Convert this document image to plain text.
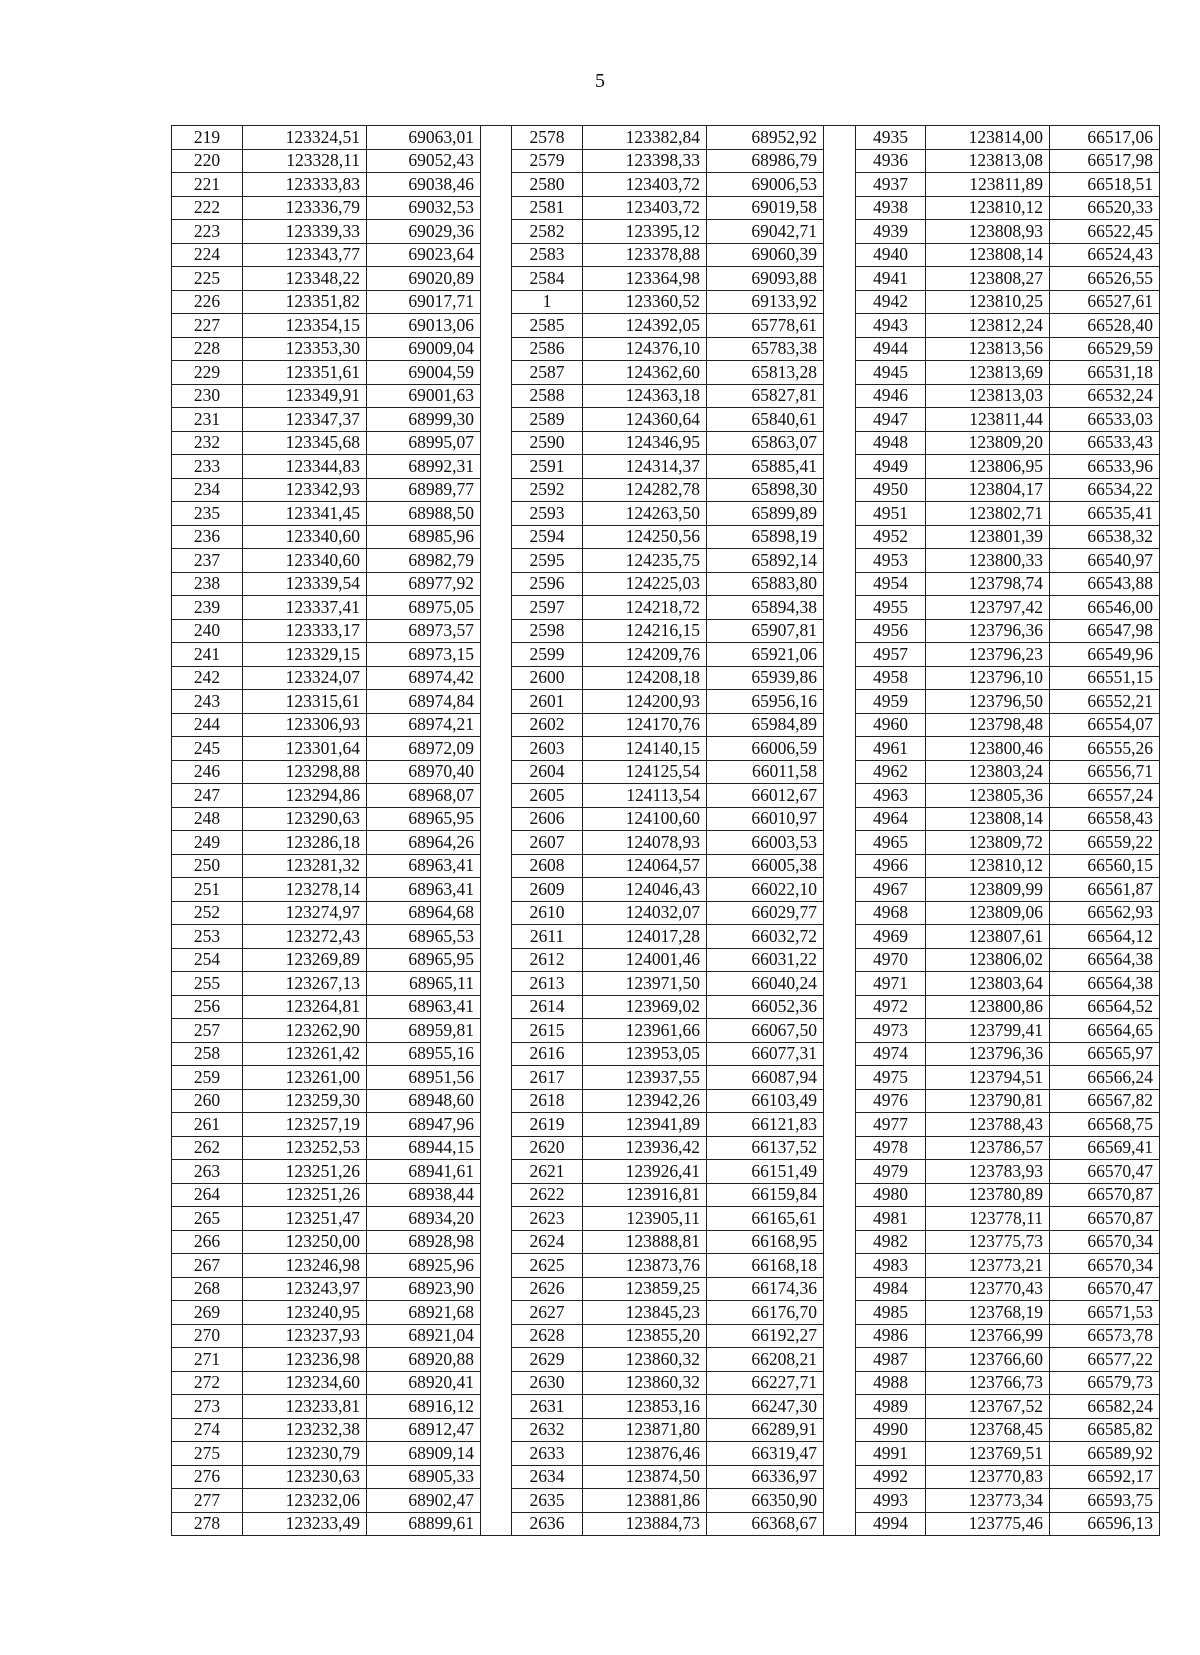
5
219	123324,51	69063,01		2578	123382,84	68952,92		4935	123814,00	66517,06
220	123328,11	69052,43		2579	123398,33	68986,79		4936	123813,08	66517,98
221	123333,83	69038,46		2580	123403,72	69006,53		4937	123811,89	66518,51
222	123336,79	69032,53		2581	123403,72	69019,58		4938	123810,12	66520,33
223	123339,33	69029,36		2582	123395,12	69042,71		4939	123808,93	66522,45
224	123343,77	69023,64		2583	123378,88	69060,39		4940	123808,14	66524,43
225	123348,22	69020,89		2584	123364,98	69093,88		4941	123808,27	66526,55
226	123351,82	69017,71		1	123360,52	69133,92		4942	123810,25	66527,61
227	123354,15	69013,06		2585	124392,05	65778,61		4943	123812,24	66528,40
228	123353,30	69009,04		2586	124376,10	65783,38		4944	123813,56	66529,59
229	123351,61	69004,59		2587	124362,60	65813,28		4945	123813,69	66531,18
230	123349,91	69001,63		2588	124363,18	65827,81		4946	123813,03	66532,24
231	123347,37	68999,30		2589	124360,64	65840,61		4947	123811,44	66533,03
232	123345,68	68995,07		2590	124346,95	65863,07		4948	123809,20	66533,43
233	123344,83	68992,31		2591	124314,37	65885,41		4949	123806,95	66533,96
234	123342,93	68989,77		2592	124282,78	65898,30		4950	123804,17	66534,22
235	123341,45	68988,50		2593	124263,50	65899,89		4951	123802,71	66535,41
236	123340,60	68985,96		2594	124250,56	65898,19		4952	123801,39	66538,32
237	123340,60	68982,79		2595	124235,75	65892,14		4953	123800,33	66540,97
238	123339,54	68977,92		2596	124225,03	65883,80		4954	123798,74	66543,88
239	123337,41	68975,05		2597	124218,72	65894,38		4955	123797,42	66546,00
240	123333,17	68973,57		2598	124216,15	65907,81		4956	123796,36	66547,98
241	123329,15	68973,15		2599	124209,76	65921,06		4957	123796,23	66549,96
242	123324,07	68974,42		2600	124208,18	65939,86		4958	123796,10	66551,15
243	123315,61	68974,84		2601	124200,93	65956,16		4959	123796,50	66552,21
244	123306,93	68974,21		2602	124170,76	65984,89		4960	123798,48	66554,07
245	123301,64	68972,09		2603	124140,15	66006,59		4961	123800,46	66555,26
246	123298,88	68970,40		2604	124125,54	66011,58		4962	123803,24	66556,71
247	123294,86	68968,07		2605	124113,54	66012,67		4963	123805,36	66557,24
248	123290,63	68965,95		2606	124100,60	66010,97		4964	123808,14	66558,43
249	123286,18	68964,26		2607	124078,93	66003,53		4965	123809,72	66559,22
250	123281,32	68963,41		2608	124064,57	66005,38		4966	123810,12	66560,15
251	123278,14	68963,41		2609	124046,43	66022,10		4967	123809,99	66561,87
252	123274,97	68964,68		2610	124032,07	66029,77		4968	123809,06	66562,93
253	123272,43	68965,53		2611	124017,28	66032,72		4969	123807,61	66564,12
254	123269,89	68965,95		2612	124001,46	66031,22		4970	123806,02	66564,38
255	123267,13	68965,11		2613	123971,50	66040,24		4971	123803,64	66564,38
256	123264,81	68963,41		2614	123969,02	66052,36		4972	123800,86	66564,52
257	123262,90	68959,81		2615	123961,66	66067,50		4973	123799,41	66564,65
258	123261,42	68955,16		2616	123953,05	66077,31		4974	123796,36	66565,97
259	123261,00	68951,56		2617	123937,55	66087,94		4975	123794,51	66566,24
260	123259,30	68948,60		2618	123942,26	66103,49		4976	123790,81	66567,82
261	123257,19	68947,96		2619	123941,89	66121,83		4977	123788,43	66568,75
262	123252,53	68944,15		2620	123936,42	66137,52		4978	123786,57	66569,41
263	123251,26	68941,61		2621	123926,41	66151,49		4979	123783,93	66570,47
264	123251,26	68938,44		2622	123916,81	66159,84		4980	123780,89	66570,87
265	123251,47	68934,20		2623	123905,11	66165,61		4981	123778,11	66570,87
266	123250,00	68928,98		2624	123888,81	66168,95		4982	123775,73	66570,34
267	123246,98	68925,96		2625	123873,76	66168,18		4983	123773,21	66570,34
268	123243,97	68923,90		2626	123859,25	66174,36		4984	123770,43	66570,47
269	123240,95	68921,68		2627	123845,23	66176,70		4985	123768,19	66571,53
270	123237,93	68921,04		2628	123855,20	66192,27		4986	123766,99	66573,78
271	123236,98	68920,88		2629	123860,32	66208,21		4987	123766,60	66577,22
272	123234,60	68920,41		2630	123860,32	66227,71		4988	123766,73	66579,73
273	123233,81	68916,12		2631	123853,16	66247,30		4989	123767,52	66582,24
274	123232,38	68912,47		2632	123871,80	66289,91		4990	123768,45	66585,82
275	123230,79	68909,14		2633	123876,46	66319,47		4991	123769,51	66589,92
276	123230,63	68905,33		2634	123874,50	66336,97		4992	123770,83	66592,17
277	123232,06	68902,47		2635	123881,86	66350,90		4993	123773,34	66593,75
278	123233,49	68899,61		2636	123884,73	66368,67		4994	123775,46	66596,13
